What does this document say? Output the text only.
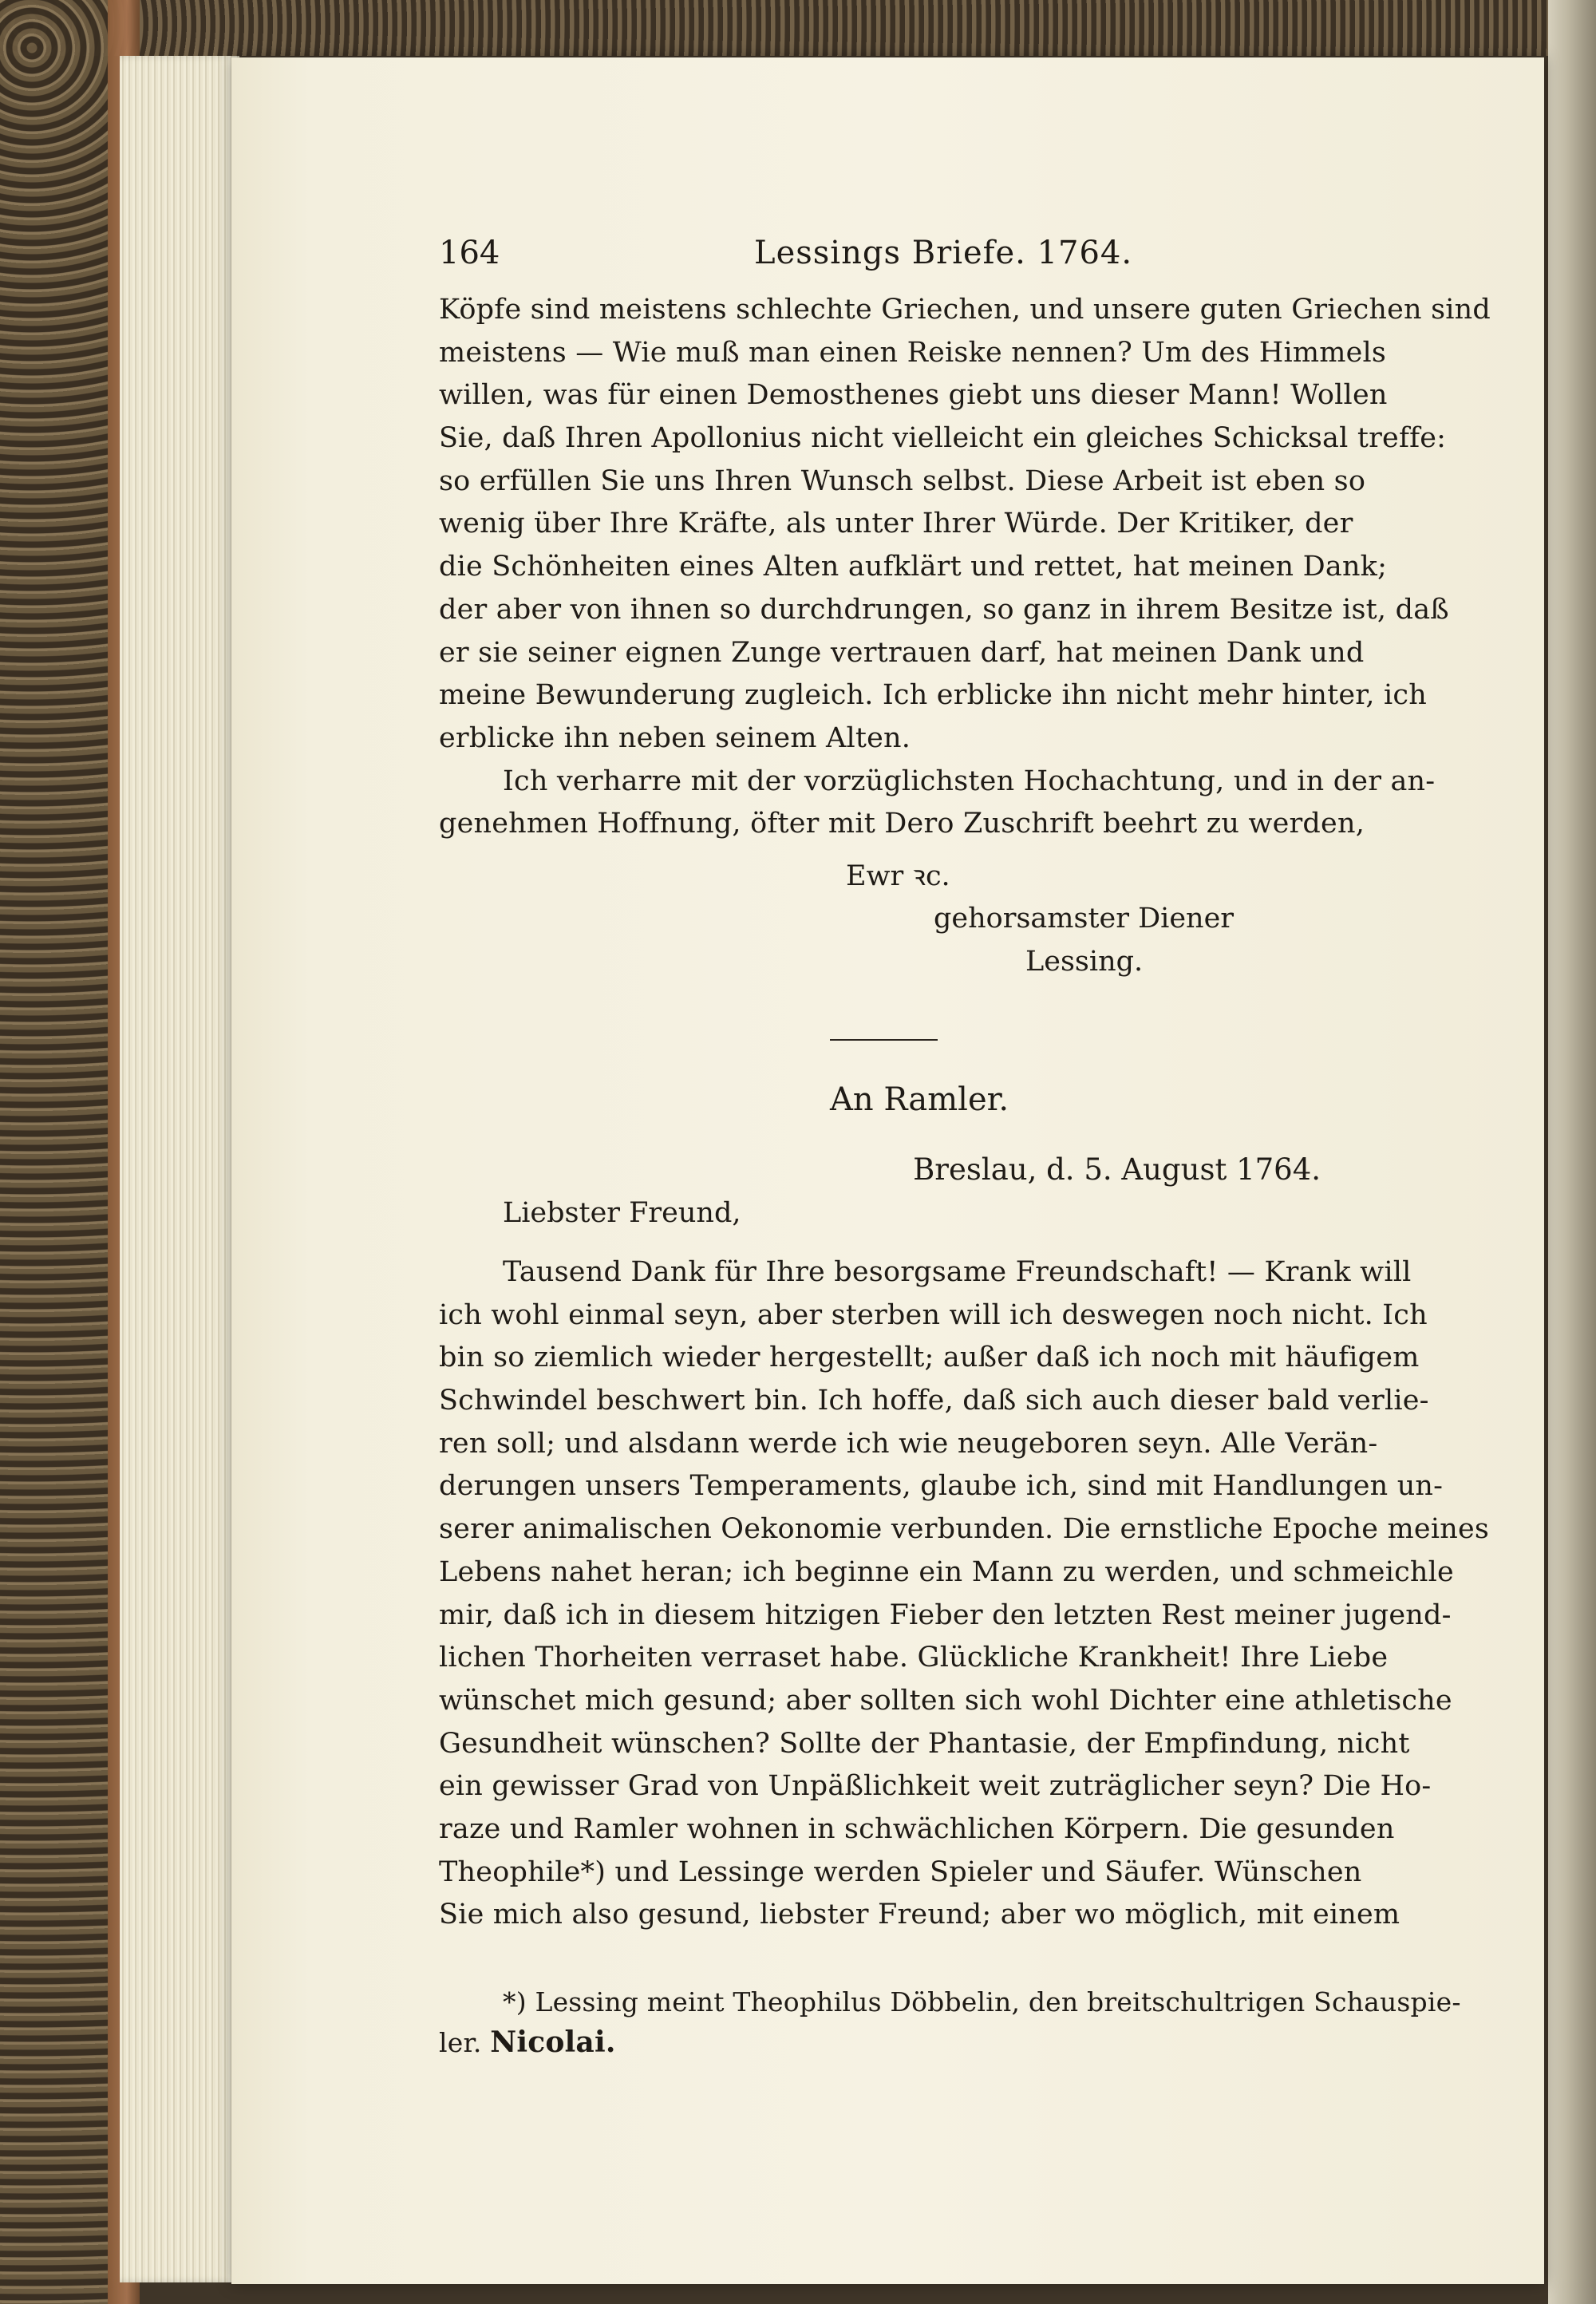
164	Lessings Briefe. 1764.
Köpfe sind meistens schlechte Griechen, und unsere guten Griechen sind
meistens — Wie muß man einen Reiske nennen? Um des Himmels
willen, was für einen Demosthenes giebt uns dieser Mann! Wollen
Sie, daß Ihren Apollonius nicht vielleicht ein gleiches Schicksal treffe:
so erfüllen Sie uns Ihren Wunsch selbst. Diese Arbeit ist eben so
wenig über Ihre Kräfte, als unter Ihrer Würde. Der Kritiker, der
die Schönheiten eines Alten aufklärt und rettet, hat meinen Dank;
der aber von ihnen so durchdrungen, so ganz in ihrem Besitze ist, daß
er sie seiner eignen Zunge vertrauen darf, hat meinen Dank und
meine Bewunderung zugleich. Ich erblicke ihn nicht mehr hinter, ich
erblicke ihn neben seinem Alten.
Ich verharre mit der vorzüglichsten Hochachtung, und in der an-
genehmen Hoffnung, öfter mit Dero Zuschrift beehrt zu werden,
Ewr ꝛc.
gehorsamster Diener
Lessing.
An Ramler.
Breslau, d. 5. August 1764.
Liebster Freund,
Tausend Dank für Ihre besorgsame Freundschaft! — Krank will
ich wohl einmal seyn, aber sterben will ich deswegen noch nicht. Ich
bin so ziemlich wieder hergestellt; außer daß ich noch mit häufigem
Schwindel beschwert bin. Ich hoffe, daß sich auch dieser bald verlie-
ren soll; und alsdann werde ich wie neugeboren seyn. Alle Verän-
derungen unsers Temperaments, glaube ich, sind mit Handlungen un-
serer animalischen Oekonomie verbunden. Die ernstliche Epoche meines
Lebens nahet heran; ich beginne ein Mann zu werden, und schmeichle
mir, daß ich in diesem hitzigen Fieber den letzten Rest meiner jugend-
lichen Thorheiten verraset habe. Glückliche Krankheit! Ihre Liebe
wünschet mich gesund; aber sollten sich wohl Dichter eine athletische
Gesundheit wünschen? Sollte der Phantasie, der Empfindung, nicht
ein gewisser Grad von Unpäßlichkeit weit zuträglicher seyn? Die Ho-
raze und Ramler wohnen in schwächlichen Körpern. Die gesunden
Theophile*) und Lessinge werden Spieler und Säufer. Wünschen
Sie mich also gesund, liebster Freund; aber wo möglich, mit einem
*) Lessing meint Theophilus Döbbelin, den breitschultrigen Schauspie-
ler. Nicolai.
